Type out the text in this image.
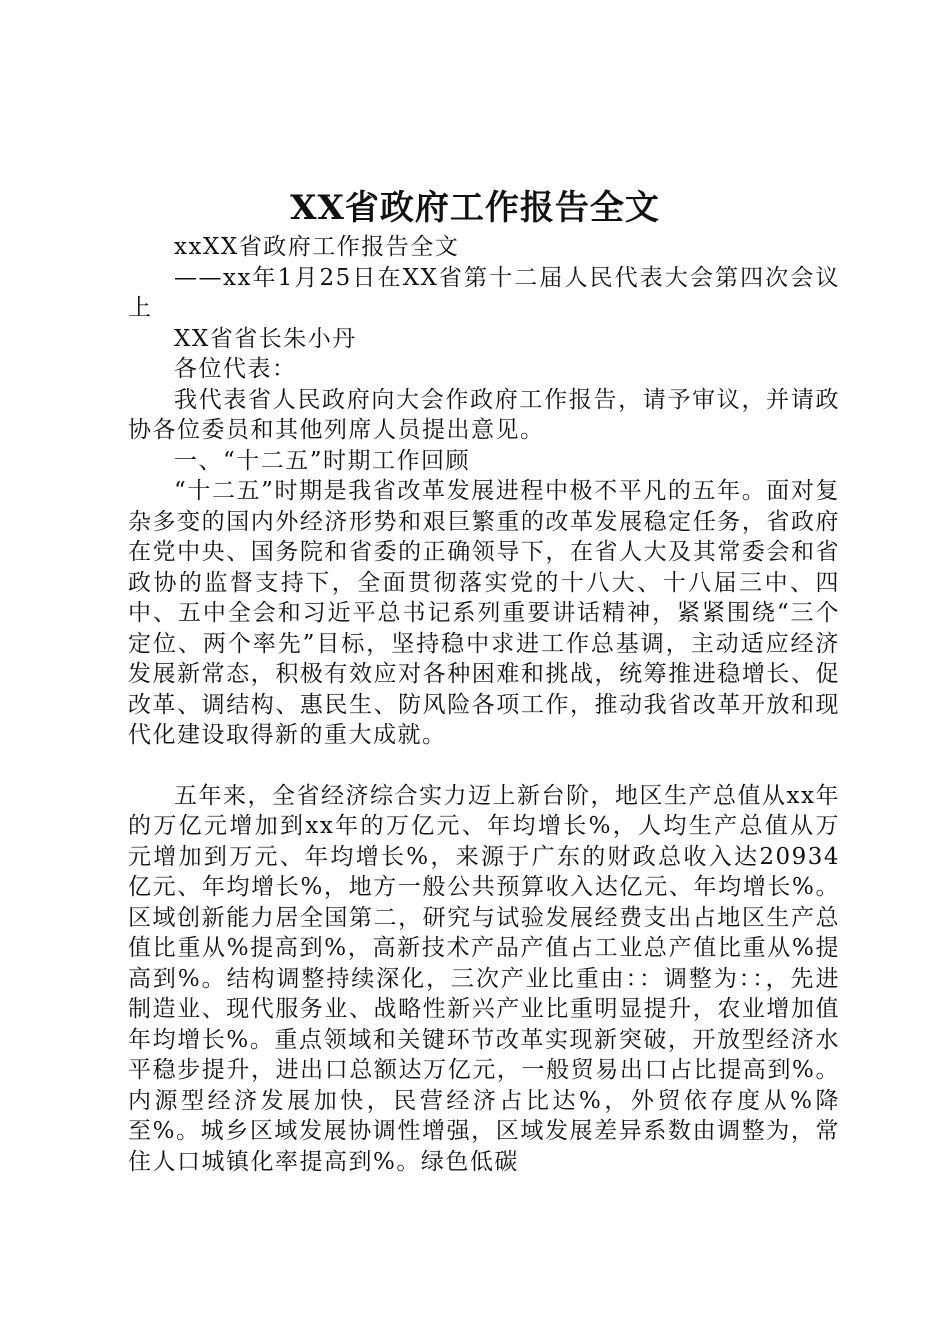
XX省政府工作报告全文

xxXX省政府工作报告全文

——xx年1月25日在XX省第十二届人民代表大会第四次会议上

XX省省长朱小丹

各位代表：

我代表省人民政府向大会作政府工作报告，请予审议，并请政协各位委员和其他列席人员提出意见。

一、“十二五”时期工作回顾

“十二五”时期是我省改革发展进程中极不平凡的五年。面对复杂多变的国内外经济形势和艰巨繁重的改革发展稳定任务，省政府在党中央、国务院和省委的正确领导下，在省人大及其常委会和省政协的监督支持下，全面贯彻落实党的十八大、十八届三中、四中、五中全会和习近平总书记系列重要讲话精神，紧紧围绕“三个定位、两个率先”目标，坚持稳中求进工作总基调，主动适应经济发展新常态，积极有效应对各种困难和挑战，统筹推进稳增长、促改革、调结构、惠民生、防风险各项工作，推动我省改革开放和现代化建设取得新的重大成就。

五年来，全省经济综合实力迈上新台阶，地区生产总值从xx年的万亿元增加到xx年的万亿元、年均增长%，人均生产总值从万元增加到万元、年均增长%，来源于广东的财政总收入达20934亿元、年均增长%，地方一般公共预算收入达亿元、年均增长%。区域创新能力居全国第二，研究与试验发展经费支出占地区生产总值比重从%提高到%，高新技术产品产值占工业总产值比重从%提高到%。结构调整持续深化，三次产业比重由：：调整为：：，先进制造业、现代服务业、战略性新兴产业比重明显提升，农业增加值年均增长%。重点领域和关键环节改革实现新突破，开放型经济水平稳步提升，进出口总额达万亿元，一般贸易出口占比提高到%。内源型经济发展加快，民营经济占比达%，外贸依存度从%降至%。城乡区域发展协调性增强，区域发展差异系数由调整为，常住人口城镇化率提高到%。绿色低碳
